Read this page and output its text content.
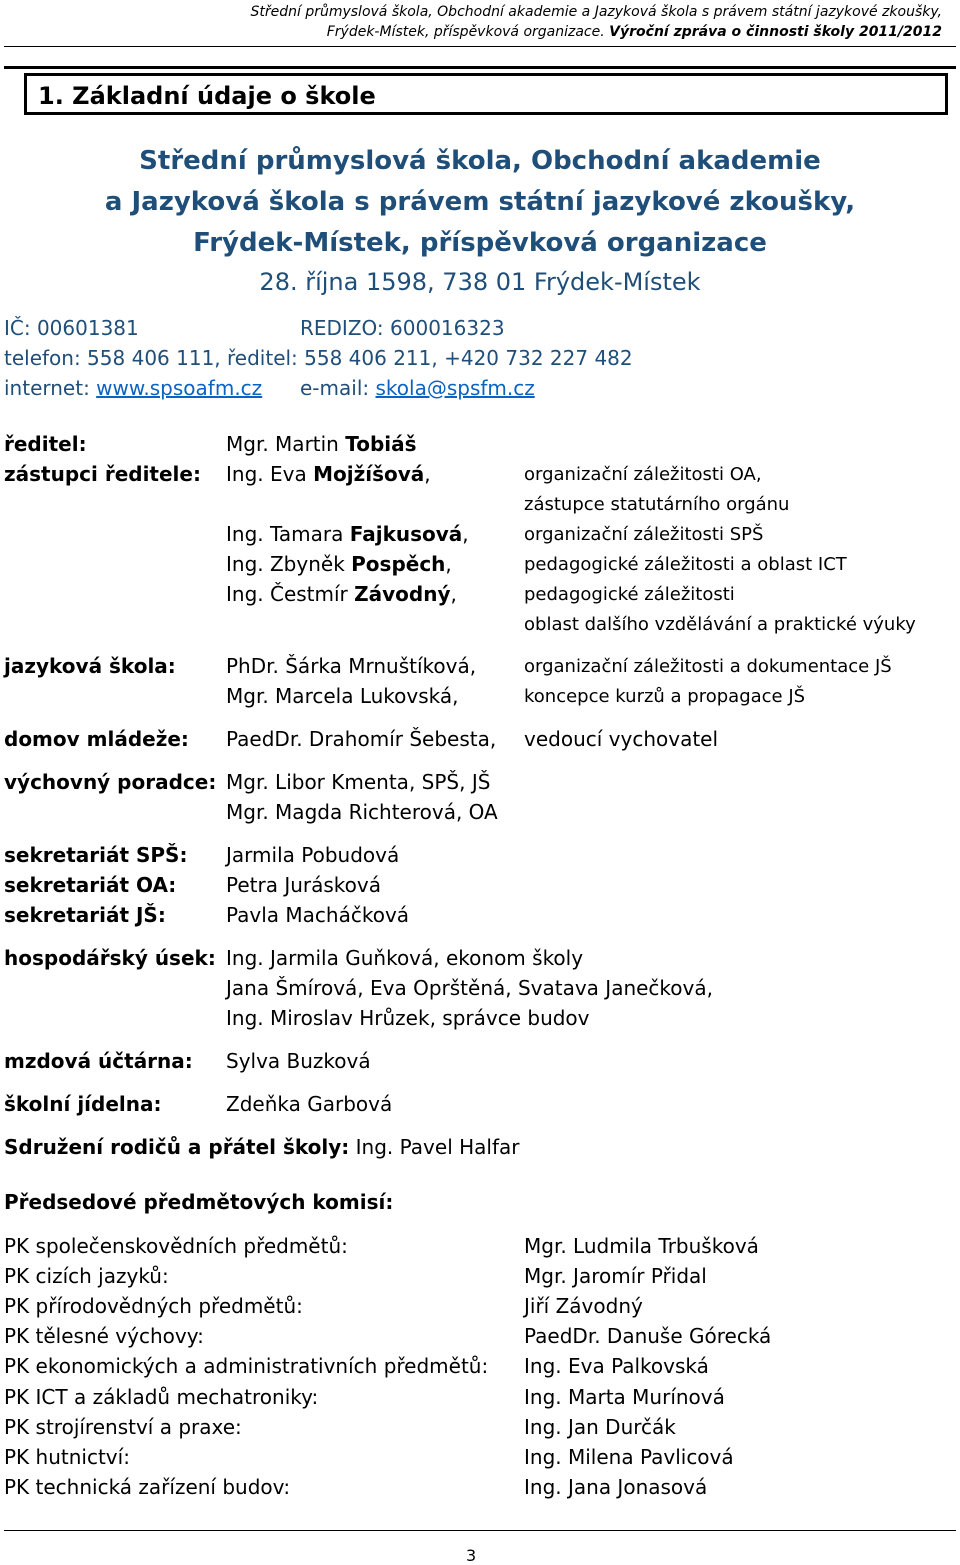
Střední průmyslová škola, Obchodní akademie a Jazyková škola s právem státní jazykové zkoušky,
Frýdek-Místek, příspěvková organizace. Výroční zpráva o činnosti školy 2011/2012
1. Základní údaje o škole
Střední průmyslová škola, Obchodní akademie
a Jazyková škola s právem státní jazykové zkoušky,
Frýdek-Místek, příspěvková organizace
28. října 1598, 738 01 Frýdek-Místek
IČ: 00601381	REDIZO: 600016323
telefon: 558 406 111, ředitel: 558 406 211, +420 732 227 482
internet: www.spsoafm.cz e-mail: skola@spsfm.cz
ředitel:	Mgr. Martin Tobiáš
zástupci ředitele: Ing. Eva Mojžíšová,	organizační záležitosti OA,
zástupce statutárního orgánu
Ing. Tamara Fajkusová,	organizační záležitosti SPŠ
Ing. Zbyněk Pospěch,	pedagogické záležitosti a oblast ICT
Ing. Čestmír Závodný,	pedagogické záležitosti
oblast dalšího vzdělávání a praktické výuky
jazyková škola:	PhDr. Šárka Mrnuštíková,	organizační záležitosti a dokumentace JŠ
Mgr. Marcela Lukovská,	koncepce kurzů a propagace JŠ
domov mládeže: PaedDr. Drahomír Šebesta, vedoucí vychovatel
výchovný poradce: Mgr. Libor Kmenta, SPŠ, JŠ
Mgr. Magda Richterová, OA
sekretariát SPŠ: Jarmila Pobudová
sekretariát OA: Petra Jurásková
sekretariát JŠ:	Pavla Macháčková
hospodářský úsek: Ing. Jarmila Guňková, ekonom školy
Jana Šmírová, Eva Oprštěná, Svatava Janečková,
Ing. Miroslav Hrůzek, správce budov
mzdová účtárna: Sylva Buzková
školní jídelna:	Zdeňka Garbová
Sdružení rodičů a přátel školy: Ing. Pavel Halfar
Předsedové předmětových komisí:
PK společenskovědních předmětů:	Mgr. Ludmila Trbušková
PK cizích jazyků:	Mgr. Jaromír Přidal
PK přírodovědných předmětů:	Jiří Závodný
PK tělesné výchovy:	PaedDr. Danuše Górecká
PK ekonomických a administrativních předmětů: Ing. Eva Palkovská
PK ICT a základů mechatroniky:	Ing. Marta Murínová
PK strojírenství a praxe:	Ing. Jan Durčák
PK hutnictví:	Ing. Milena Pavlicová
PK technická zařízení budov:	Ing. Jana Jonasová
3
